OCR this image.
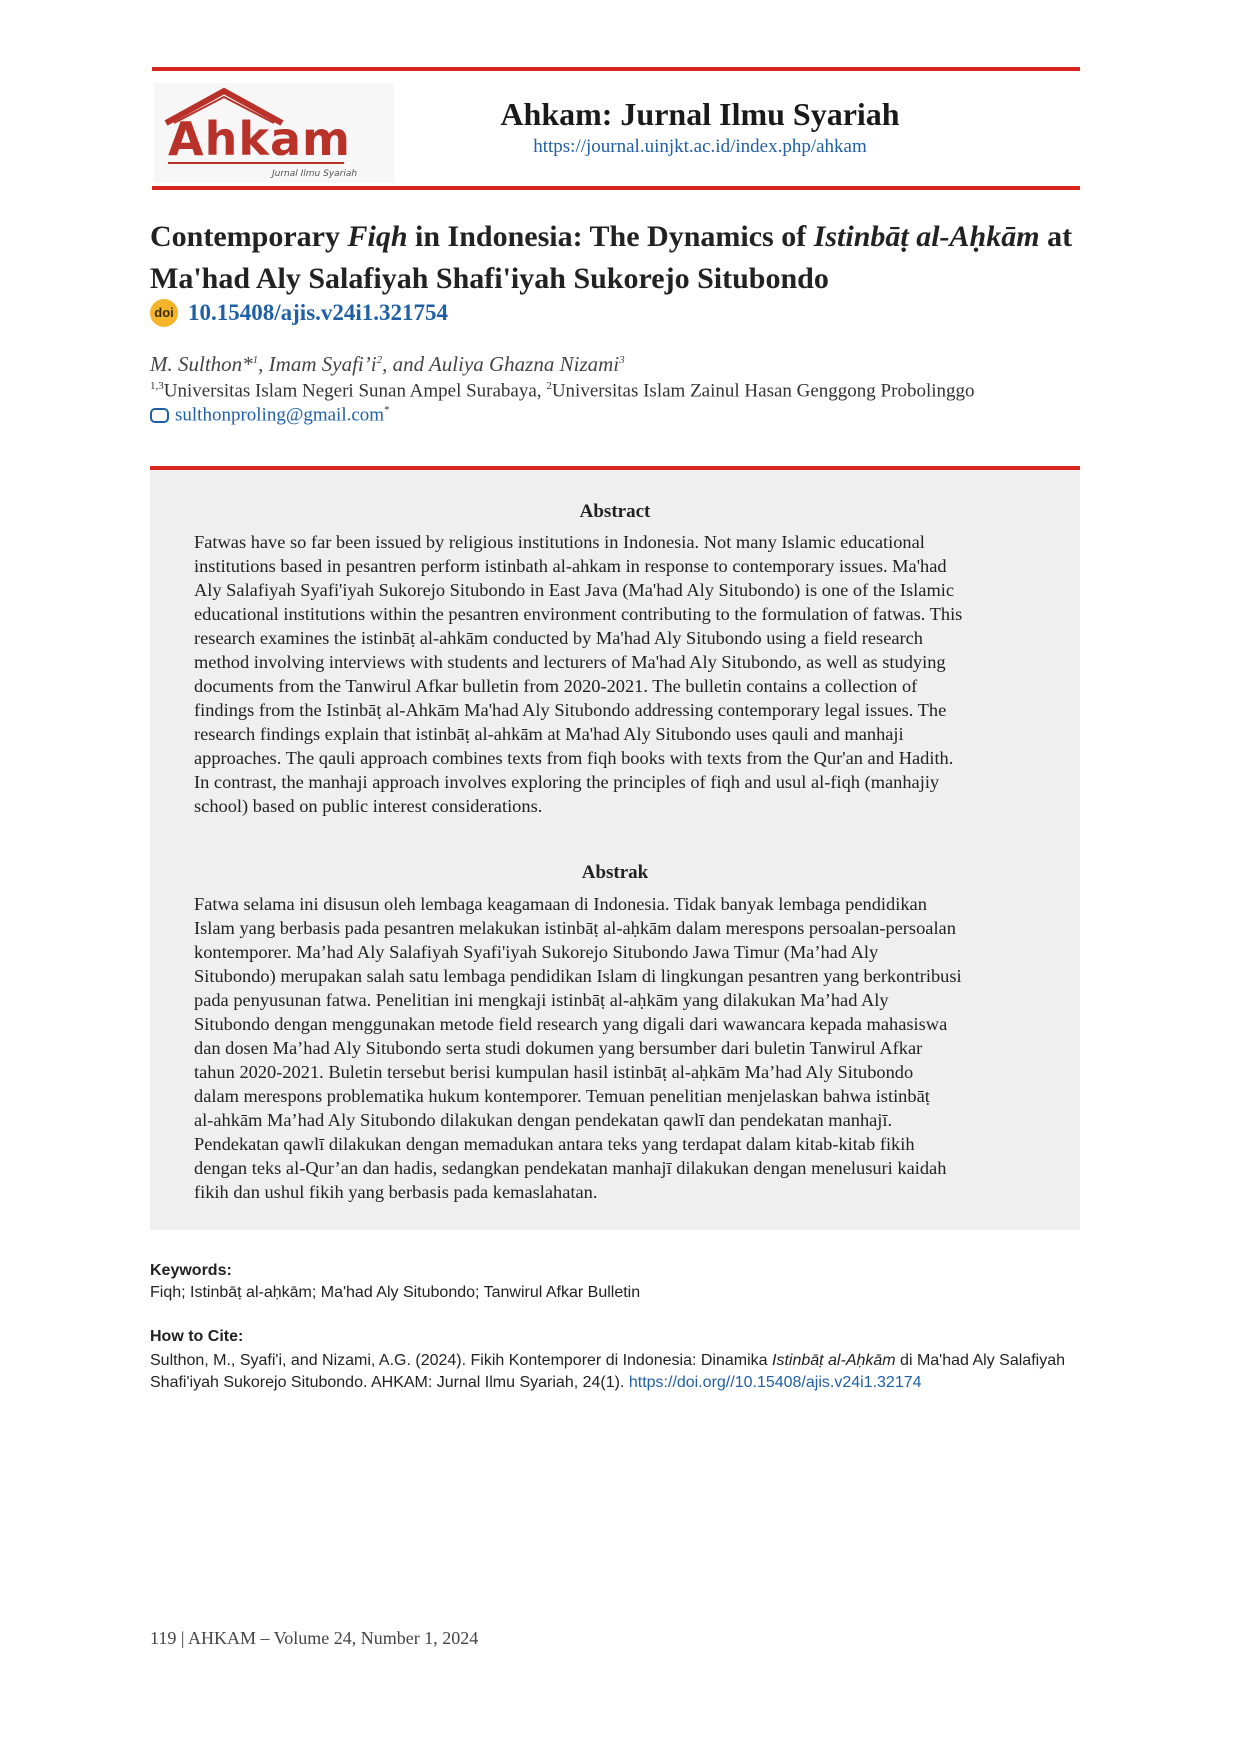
Ahkam
Jurnal Ilmu Syariah
Ahkam: Jurnal Ilmu Syariah
https://journal.uinjkt.ac.id/index.php/ahkam
Contemporary Fiqh in Indonesia: The Dynamics of Istinbāṭ al-Aḥkām at Ma'had Aly Salafiyah Shafi'iyah Sukorejo Situbondo
doi 10.15408/ajis.v24i1.321754
M. Sulthon*$^1$, Imam $Syafi’i^2$, and Auliya Ghazna Nizami$^3$
$^{1,3}$Universitas Islam Negeri Sunan Ampel Surabaya, $^2$Universitas Islam Zainul Hasan Genggong Probolinggo
sulthonproling@gmail.com*
Abstract
Fatwas have so far been issued by religious institutions in Indonesia. Not many Islamic educational
institutions based in pesantren perform istinbath al-ahkam in response to contemporary issues. Ma'had
Aly Salafiyah Syafi'iyah Sukorejo Situbondo in East Java (Ma'had Aly Situbondo) is one of the Islamic
educational institutions within the pesantren environment contributing to the formulation of fatwas. This
research examines the istinbāṭ al-ahkām conducted by Ma'had Aly Situbondo using a field research
method involving interviews with students and lecturers of Ma'had Aly Situbondo, as well as studying
documents from the Tanwirul Afkar bulletin from 2020-2021. The bulletin contains a collection of
findings from the Istinbāṭ al-Ahkām Ma'had Aly Situbondo addressing contemporary legal issues. The
research findings explain that istinbāṭ al-ahkām at Ma'had Aly Situbondo uses qauli and manhaji
approaches. The qauli approach combines texts from fiqh books with texts from the Qur'an and Hadith.
In contrast, the manhaji approach involves exploring the principles of fiqh and usul al-fiqh (manhajiy
school) based on public interest considerations.
Abstrak
Fatwa selama ini disusun oleh lembaga keagamaan di Indonesia. Tidak banyak lembaga pendidikan
Islam yang berbasis pada pesantren melakukan istinbāṭ al-aḥkām dalam merespons persoalan-persoalan
kontemporer. Ma’had Aly Salafiyah Syafi'iyah Sukorejo Situbondo Jawa Timur (Ma’had Aly
Situbondo) merupakan salah satu lembaga pendidikan Islam di lingkungan pesantren yang berkontribusi
pada penyusunan fatwa. Penelitian ini mengkaji istinbāṭ al-aḥkām yang dilakukan Ma’had Aly
Situbondo dengan menggunakan metode field research yang digali dari wawancara kepada mahasiswa
dan dosen Ma’had Aly Situbondo serta studi dokumen yang bersumber dari buletin Tanwirul Afkar
tahun 2020-2021. Buletin tersebut berisi kumpulan hasil istinbāṭ al-aḥkām Ma’had Aly Situbondo
dalam merespons problematika hukum kontemporer. Temuan penelitian menjelaskan bahwa istinbāṭ
al-ahkām Ma’had Aly Situbondo dilakukan dengan pendekatan qawlī dan pendekatan manhajī.
Pendekatan qawlī dilakukan dengan memadukan antara teks yang terdapat dalam kitab-kitab fikih
dengan teks al-Qur’an dan hadis, sedangkan pendekatan manhajī dilakukan dengan menelusuri kaidah
fikih dan ushul fikih yang berbasis pada kemaslahatan.
Keywords:
Fiqh; Istinbāṭ al-aḥkām; Ma'had Aly Situbondo; Tanwirul Afkar Bulletin
How to Cite:
Sulthon, M., Syafi'i, and Nizami, A.G. (2024). Fikih Kontemporer di Indonesia: Dinamika Istinbāṭ al-Aḥkām di Ma'had Aly Salafiyah Shafi'iyah Sukorejo Situbondo. AHKAM: Jurnal Ilmu Syariah, 24(1). https://doi.org//10.15408/ajis.v24i1.32174
119 | AHKAM – Volume 24, Number 1, 2024
